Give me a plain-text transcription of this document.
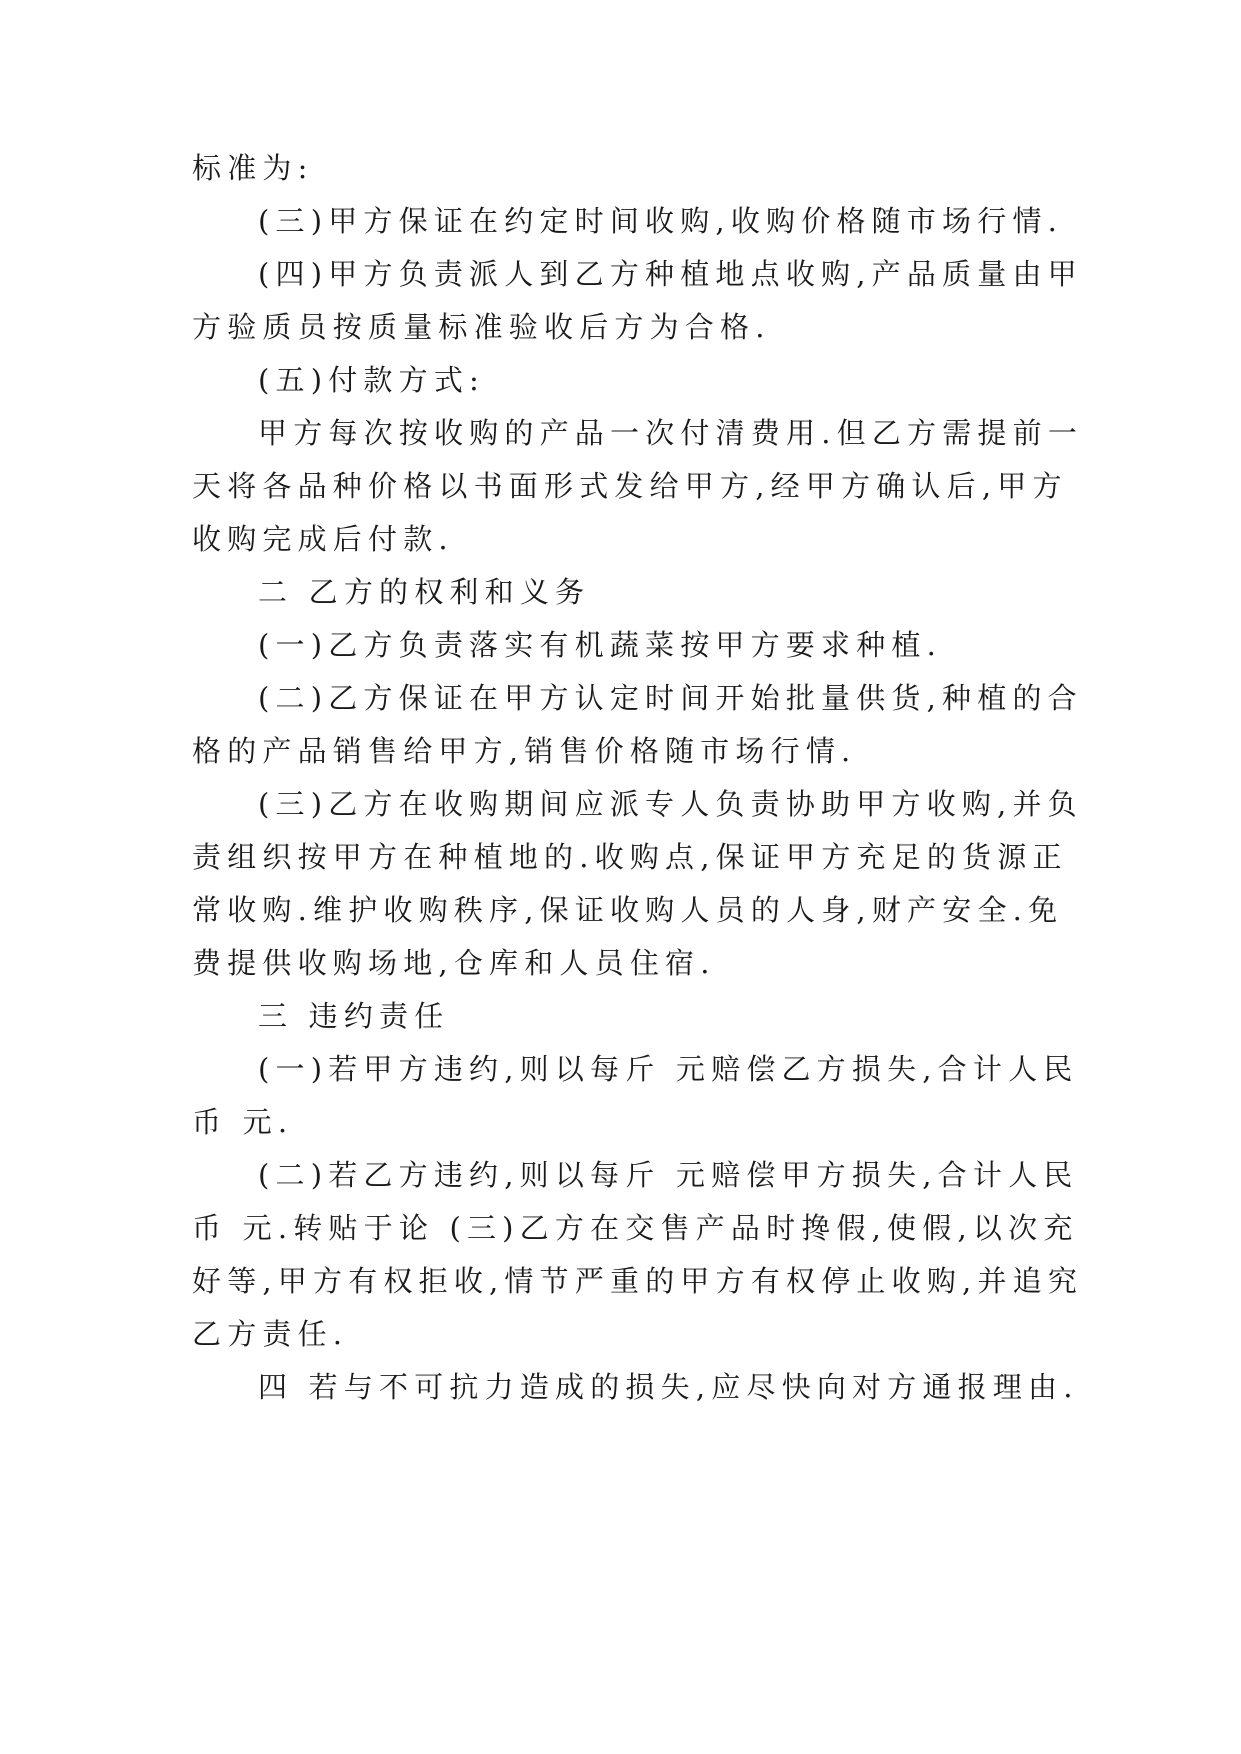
标准为:
(三)甲方保证在约定时间收购,收购价格随市场行情.
(四)甲方负责派人到乙方种植地点收购,产品质量由甲
方验质员按质量标准验收后方为合格.
(五)付款方式:
甲方每次按收购的产品一次付清费用.但乙方需提前一
天将各品种价格以书面形式发给甲方,经甲方确认后,甲方
收购完成后付款.
二 乙方的权利和义务
(一)乙方负责落实有机蔬菜按甲方要求种植.
(二)乙方保证在甲方认定时间开始批量供货,种植的合
格的产品销售给甲方,销售价格随市场行情.
(三)乙方在收购期间应派专人负责协助甲方收购,并负
责组织按甲方在种植地的.收购点,保证甲方充足的货源正
常收购.维护收购秩序,保证收购人员的人身,财产安全.免
费提供收购场地,仓库和人员住宿.
三 违约责任
(一)若甲方违约,则以每斤 元赔偿乙方损失,合计人民
币 元.
(二)若乙方违约,则以每斤 元赔偿甲方损失,合计人民
币 元.转贴于论 (三)乙方在交售产品时搀假,使假,以次充
好等,甲方有权拒收,情节严重的甲方有权停止收购,并追究
乙方责任.
四 若与不可抗力造成的损失,应尽快向对方通报理由.
